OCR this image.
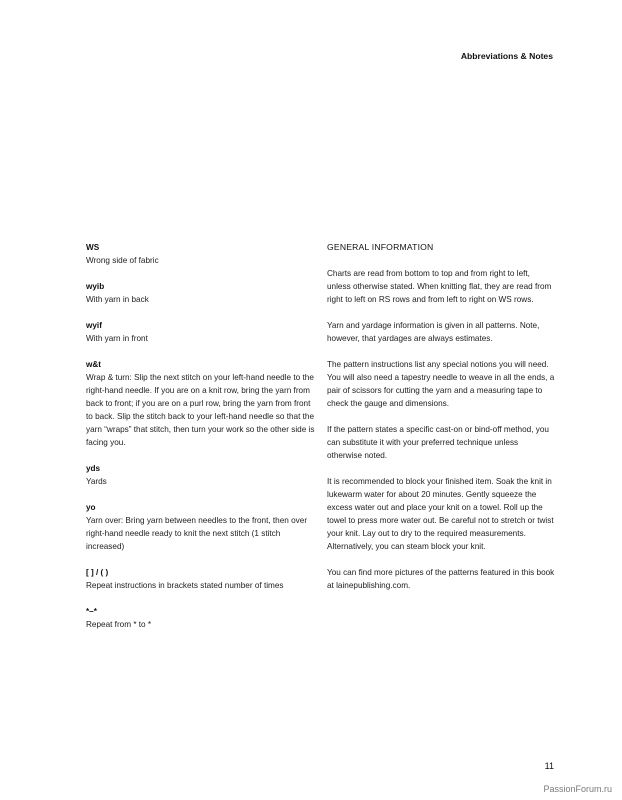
Abbreviations & Notes
WS
Wrong side of fabric
wyib
With yarn in back
wyif
With yarn in front
w&t
Wrap & turn: Slip the next stitch on your left-hand needle to the right-hand needle. If you are on a knit row, bring the yarn from back to front; if you are on a purl row, bring the yarn from front to back. Slip the stitch back to your left-hand needle so that the yarn “wraps” that stitch, then turn your work so the other side is facing you.
yds
Yards
yo
Yarn over: Bring yarn between needles to the front, then over right-hand needle ready to knit the next stitch (1 stitch increased)
[ ] / ( )
Repeat instructions in brackets stated number of times
*–*
Repeat from * to *
GENERAL INFORMATION

Charts are read from bottom to top and from right to left, unless otherwise stated. When knitting flat, they are read from right to left on RS rows and from left to right on WS rows.

Yarn and yardage information is given in all patterns. Note, however, that yardages are always estimates.

The pattern instructions list any special notions you will need. You will also need a tapestry needle to weave in all the ends, a pair of scissors for cutting the yarn and a measuring tape to check the gauge and dimensions.

If the pattern states a specific cast-on or bind-off method, you can substitute it with your preferred technique unless otherwise noted.

It is recommended to block your finished item. Soak the knit in lukewarm water for about 20 minutes. Gently squeeze the excess water out and place your knit on a towel. Roll up the towel to press more water out. Be careful not to stretch or twist your knit. Lay out to dry to the required measurements. Alternatively, you can steam block your knit.

You can find more pictures of the patterns featured in this book at lainepublishing.com.

11
PassionForum.ru
